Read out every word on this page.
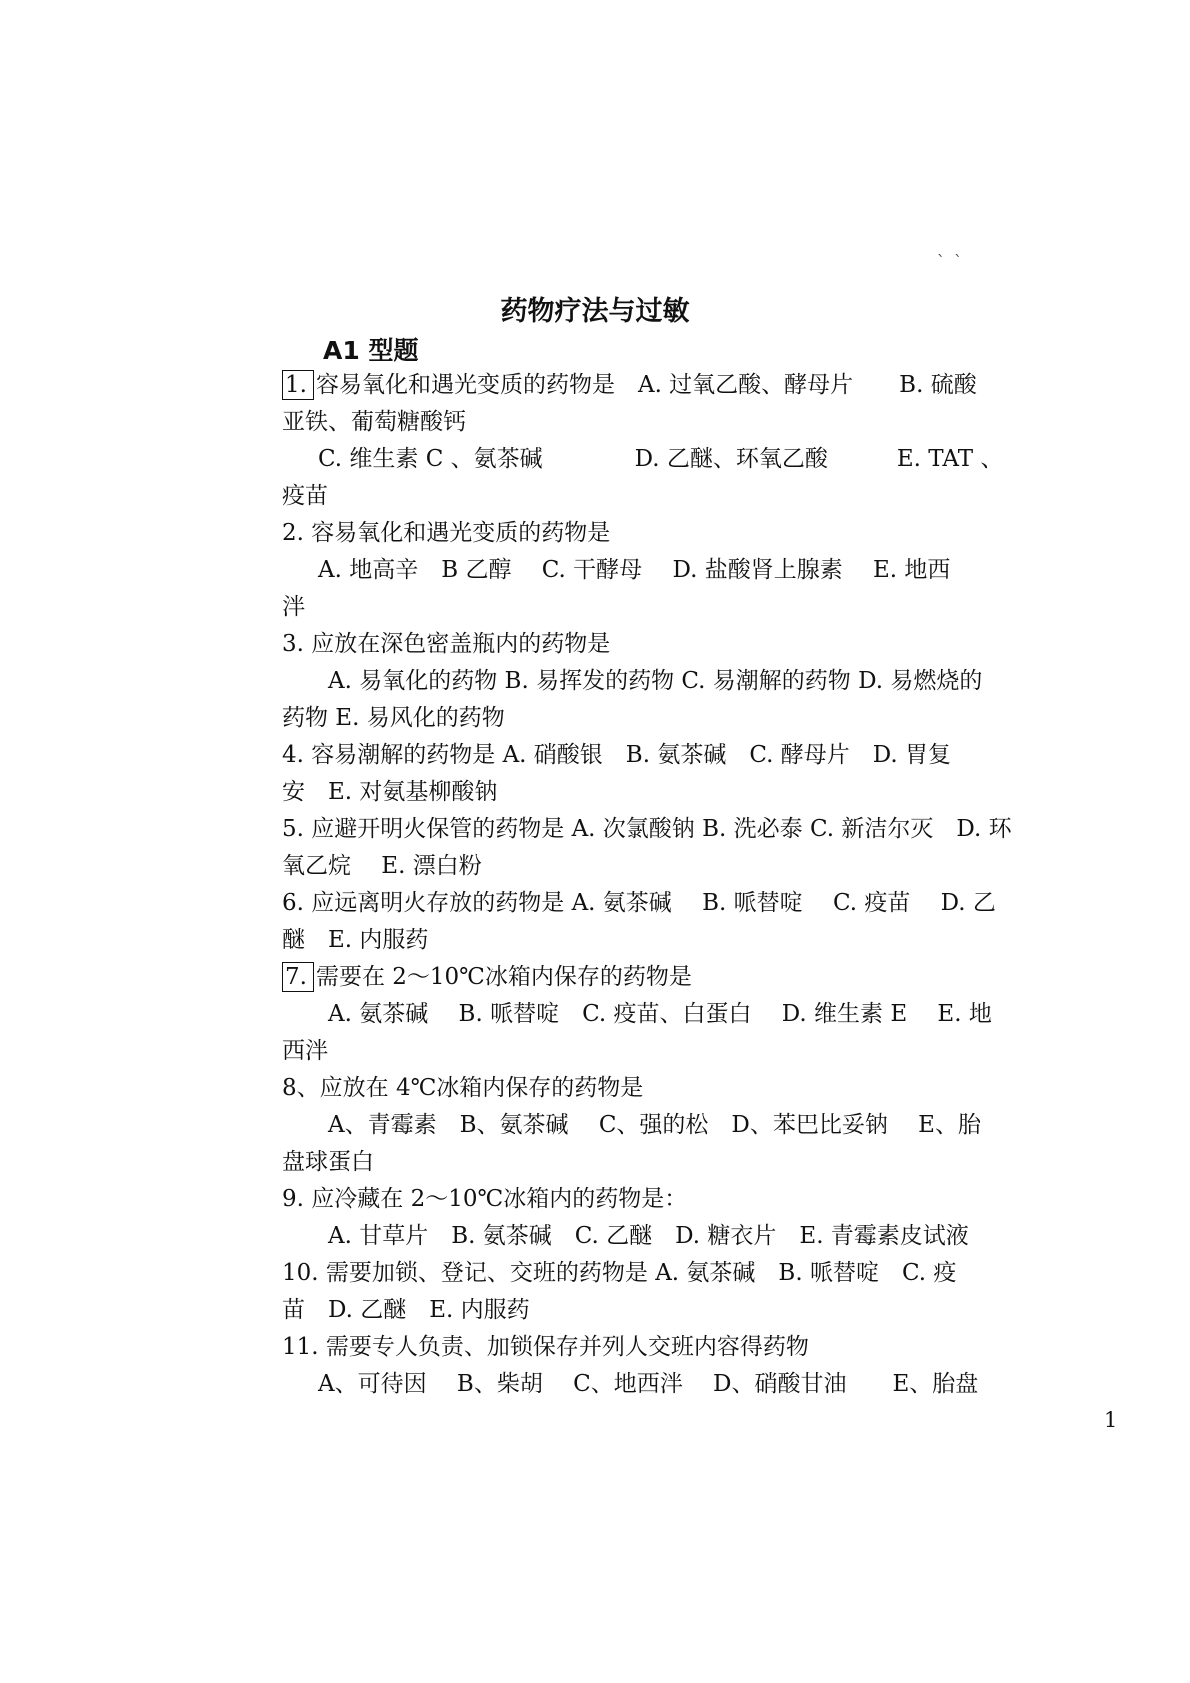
` `
药物疗法与过敏
A1 型题
1. 容易氧化和遇光变质的药物是　A. 过氧乙酸、酵母片　　B. 硫酸
亚铁、葡萄糖酸钙
C. 维生素 C 、氨茶碱　　　　D. 乙醚、环氧乙酸　　　E. TAT 、
疫苗
2. 容易氧化和遇光变质的药物是
A. 地高辛　B 乙醇　 C. 干酵母　 D. 盐酸肾上腺素　 E. 地西
泮
3. 应放在深色密盖瓶内的药物是
A. 易氧化的药物 B. 易挥发的药物 C. 易潮解的药物 D. 易燃烧的
药物 E. 易风化的药物
4. 容易潮解的药物是 A. 硝酸银　B. 氨茶碱　C. 酵母片　D. 胃复
安　E. 对氨基柳酸钠
5. 应避开明火保管的药物是 A. 次氯酸钠 B. 洗必泰 C. 新洁尔灭　D. 环
氧乙烷　 E. 漂白粉
6. 应远离明火存放的药物是 A. 氨茶碱　 B. 哌替啶　 C. 疫苗　 D. 乙
醚　E. 内服药
7. 需要在 2～10℃冰箱内保存的药物是
A. 氨茶碱　 B. 哌替啶　C. 疫苗、白蛋白　 D. 维生素 E　 E. 地
西泮
8、应放在 4℃冰箱内保存的药物是
A、青霉素　B、氨茶碱　 C、强的松　D、苯巴比妥钠　 E、胎
盘球蛋白
9. 应冷藏在 2～10℃冰箱内的药物是：
A. 甘草片　B. 氨茶碱　C. 乙醚　D. 糖衣片　E. 青霉素皮试液
10. 需要加锁、登记、交班的药物是 A. 氨茶碱　B. 哌替啶　C. 疫
苗　D. 乙醚　E. 内服药
11. 需要专人负责、加锁保存并列人交班内容得药物
A、可待因　 B、柴胡　 C、地西泮　 D、硝酸甘油　　E、胎盘
1
